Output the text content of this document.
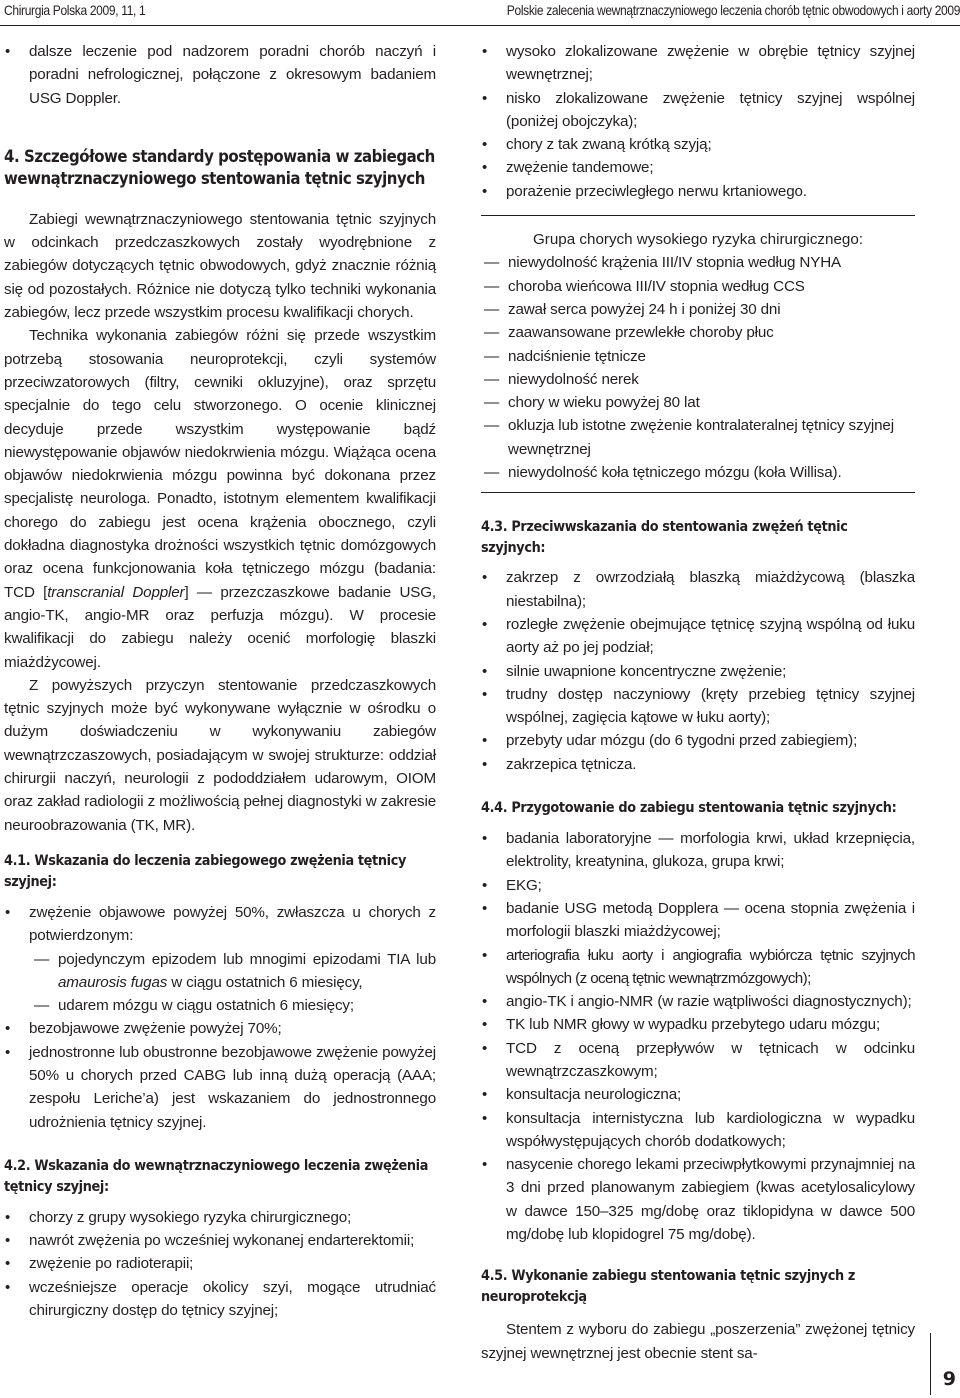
Chirurgia Polska 2009, 11, 1	Polskie zalecenia wewnątrznaczyniowego leczenia chorób tętnic obwodowych i aorty 2009
• dalsze leczenie pod nadzorem poradni chorób naczyń i poradni nefrologicznej, połączone z okresowym badaniem USG Doppler.
4. Szczegółowe standardy postępowania w zabiegach wewnątrznaczyniowego stentowania tętnic szyjnych

Zabiegi wewnątrznaczyniowego stentowania tętnic szyjnych w odcinkach przedczaszkowych zostały wyodrębnione z zabiegów dotyczących tętnic obwodowych, gdyż znacznie różnią się od pozostałych. Różnice nie dotyczą tylko techniki wykonania zabiegów, lecz przede wszystkim procesu kwalifikacji chorych.

Technika wykonania zabiegów różni się przede wszystkim potrzebą stosowania neuroprotekcji, czyli systemów przeciwzatorowych (filtry, cewniki okluzyjne), oraz sprzętu specjalnie do tego celu stworzonego. O ocenie klinicznej decyduje przede wszystkim występowanie bądź niewystępowanie objawów niedokrwienia mózgu. Wiążąca ocena objawów niedokrwienia mózgu powinna być dokonana przez specjalistę neurologa. Ponadto, istotnym elementem kwalifikacji chorego do zabiegu jest ocena krążenia obocznego, czyli dokładna diagnostyka drożności wszystkich tętnic domózgowych oraz ocena funkcjonowania koła tętniczego mózgu (badania: TCD [transcranial Doppler] — przezczaszkowe badanie USG, angio-TK, angio-MR oraz perfuzja mózgu). W procesie kwalifikacji do zabiegu należy ocenić morfologię blaszki miażdżycowej.

Z powyższych przyczyn stentowanie przedczaszkowych tętnic szyjnych może być wykonywane wyłącznie w ośrodku o dużym doświadczeniu w wykonywaniu zabiegów wewnątrzczaszowych, posiadającym w swojej strukturze: oddział chirurgii naczyń, neurologii z pododdziałem udarowym, OIOM oraz zakład radiologii z możliwością pełnej diagnostyki w zakresie neuroobrazowania (TK, MR).

4.1. Wskazania do leczenia zabiegowego zwężenia tętnicy szyjnej:
• zwężenie objawowe powyżej 50%, zwłaszcza u chorych z potwierdzonym:
— pojedynczym epizodem lub mnogimi epizodami TIA lub amaurosis fugas w ciągu ostatnich 6 miesięcy,
— udarem mózgu w ciągu ostatnich 6 miesięcy;
• bezobjawowe zwężenie powyżej 70%;
• jednostronne lub obustronne bezobjawowe zwężenie powyżej 50% u chorych przed CABG lub inną dużą operacją (AAA; zespołu Leriche’a) jest wskazaniem do jednostronnego udrożnienia tętnicy szyjnej.
4.2. Wskazania do wewnątrznaczyniowego leczenia zwężenia tętnicy szyjnej:
• chorzy z grupy wysokiego ryzyka chirurgicznego;
• nawrót zwężenia po wcześniej wykonanej endarterektomii;
• zwężenie po radioterapii;
• wcześniejsze operacje okolicy szyi, mogące utrudniać chirurgiczny dostęp do tętnicy szyjnej;
• wysoko zlokalizowane zwężenie w obrębie tętnicy szyjnej wewnętrznej;
• nisko zlokalizowane zwężenie tętnicy szyjnej wspólnej (poniżej obojczyka);
• chory z tak zwaną krótką szyją;
• zwężenie tandemowe;
• porażenie przeciwległego nerwu krtaniowego.
Grupa chorych wysokiego ryzyka chirurgicznego:
— niewydolność krążenia III/IV stopnia według NYHA
— choroba wieńcowa III/IV stopnia według CCS
— zawał serca powyżej 24 h i poniżej 30 dni
— zaawansowane przewlekłe choroby płuc
— nadciśnienie tętnicze
— niewydolność nerek
— chory w wieku powyżej 80 lat
— okluzja lub istotne zwężenie kontralateralnej tętnicy szyjnej wewnętrznej
— niewydolność koła tętniczego mózgu (koła Willisa).
4.3. Przeciwwskazania do stentowania zwężeń tętnic szyjnych:
• zakrzep z owrzodziałą blaszką miażdżycową (blaszka niestabilna);
• rozległe zwężenie obejmujące tętnicę szyjną wspólną od łuku aorty aż po jej podział;
• silnie uwapnione koncentryczne zwężenie;
• trudny dostęp naczyniowy (kręty przebieg tętnicy szyjnej wspólnej, zagięcia kątowe w łuku aorty);
• przebyty udar mózgu (do 6 tygodni przed zabiegiem);
• zakrzepica tętnicza.
4.4. Przygotowanie do zabiegu stentowania tętnic szyjnych:
• badania laboratoryjne — morfologia krwi, układ krzepnięcia, elektrolity, kreatynina, glukoza, grupa krwi;
• EKG;
• badanie USG metodą Dopplera — ocena stopnia zwężenia i morfologii blaszki miażdżycowej;
• arteriografia łuku aorty i angiografia wybiórcza tętnic szyjnych wspólnych (z oceną tętnic wewnątrzmózgowych);
• angio-TK i angio-NMR (w razie wątpliwości diagnostycznych);
• TK lub NMR głowy w wypadku przebytego udaru mózgu;
• TCD z oceną przepływów w tętnicach w odcinku wewnątrzczaszkowym;
• konsultacja neurologiczna;
• konsultacja internistyczna lub kardiologiczna w wypadku współwystępujących chorób dodatkowych;
• nasycenie chorego lekami przeciwpłytkowymi przynajmniej na 3 dni przed planowanym zabiegiem (kwas acetylosalicylowy w dawce 150–325 mg/dobę oraz tiklopidyna w dawce 500 mg/dobę lub klopidogrel 75 mg/dobę).
4.5. Wykonanie zabiegu stentowania tętnic szyjnych z neuroprotekcją

Stentem z wyboru do zabiegu „poszerzenia” zwężonej tętnicy szyjnej wewnętrznej jest obecnie stent sa-

9
